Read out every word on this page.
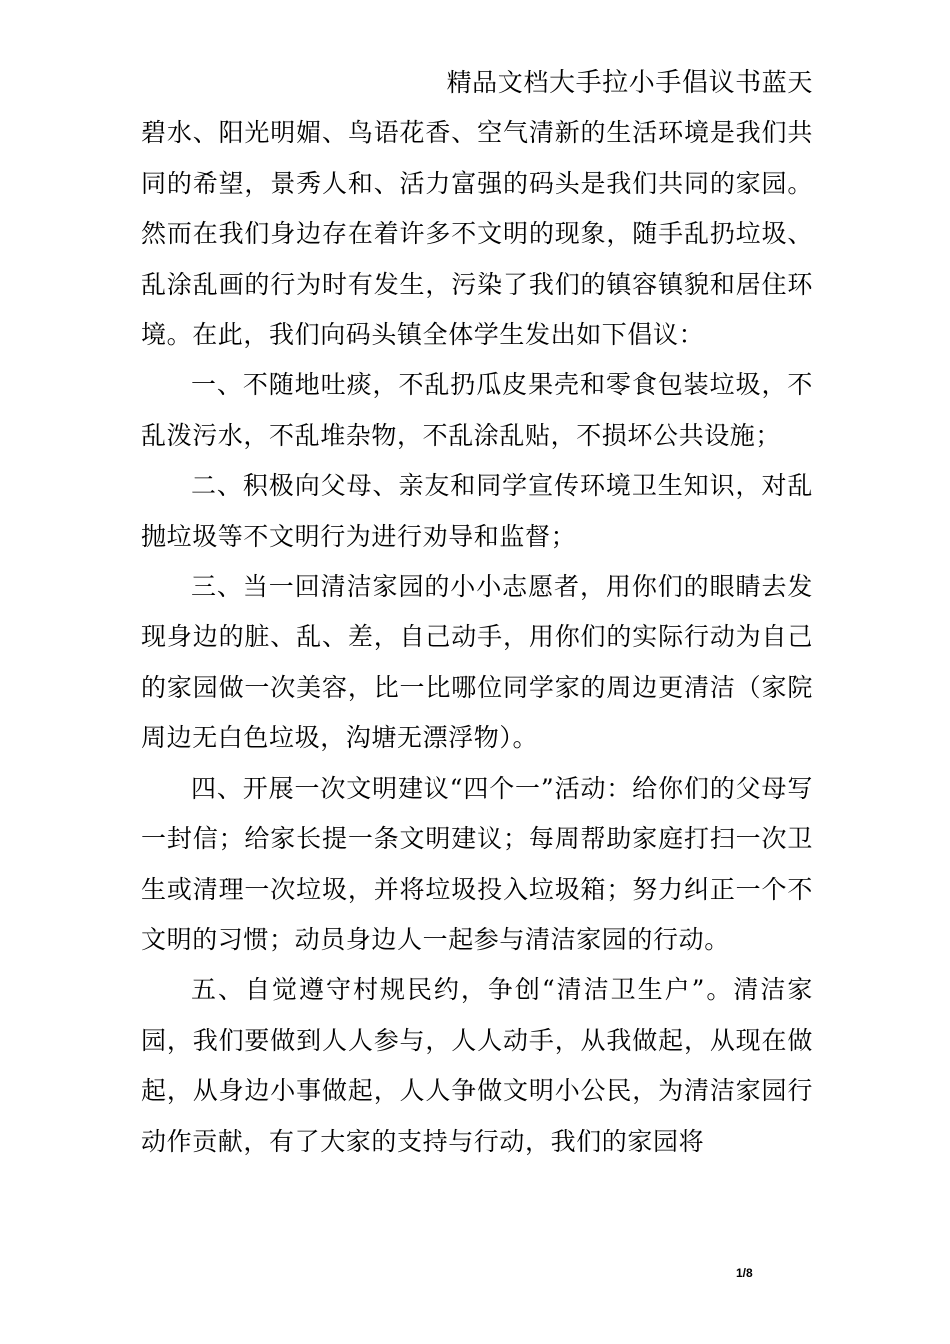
精品文档大手拉小手倡议书蓝天

碧水、阳光明媚、鸟语花香、空气清新的生活环境是我们共同的希望，景秀人和、活力富强的码头是我们共同的家园。然而在我们身边存在着许多不文明的现象，随手乱扔垃圾、乱涂乱画的行为时有发生，污染了我们的镇容镇貌和居住环境。在此，我们向码头镇全体学生发出如下倡议：

一、不随地吐痰，不乱扔瓜皮果壳和零食包装垃圾，不乱泼污水，不乱堆杂物，不乱涂乱贴，不损坏公共设施；

二、积极向父母、亲友和同学宣传环境卫生知识，对乱抛垃圾等不文明行为进行劝导和监督；

三、当一回清洁家园的小小志愿者，用你们的眼睛去发现身边的脏、乱、差，自己动手，用你们的实际行动为自己的家园做一次美容，比一比哪位同学家的周边更清洁（家院周边无白色垃圾，沟塘无漂浮物）。

四、开展一次文明建议“四个一”活动：给你们的父母写一封信；给家长提一条文明建议；每周帮助家庭打扫一次卫生或清理一次垃圾，并将垃圾投入垃圾箱；努力纠正一个不文明的习惯；动员身边人一起参与清洁家园的行动。

五、自觉遵守村规民约，争创“清洁卫生户”。清洁家园，我们要做到人人参与，人人动手，从我做起，从现在做起，从身边小事做起，人人争做文明小公民，为清洁家园行动作贡献，有了大家的支持与行动，我们的家园将

1/8
